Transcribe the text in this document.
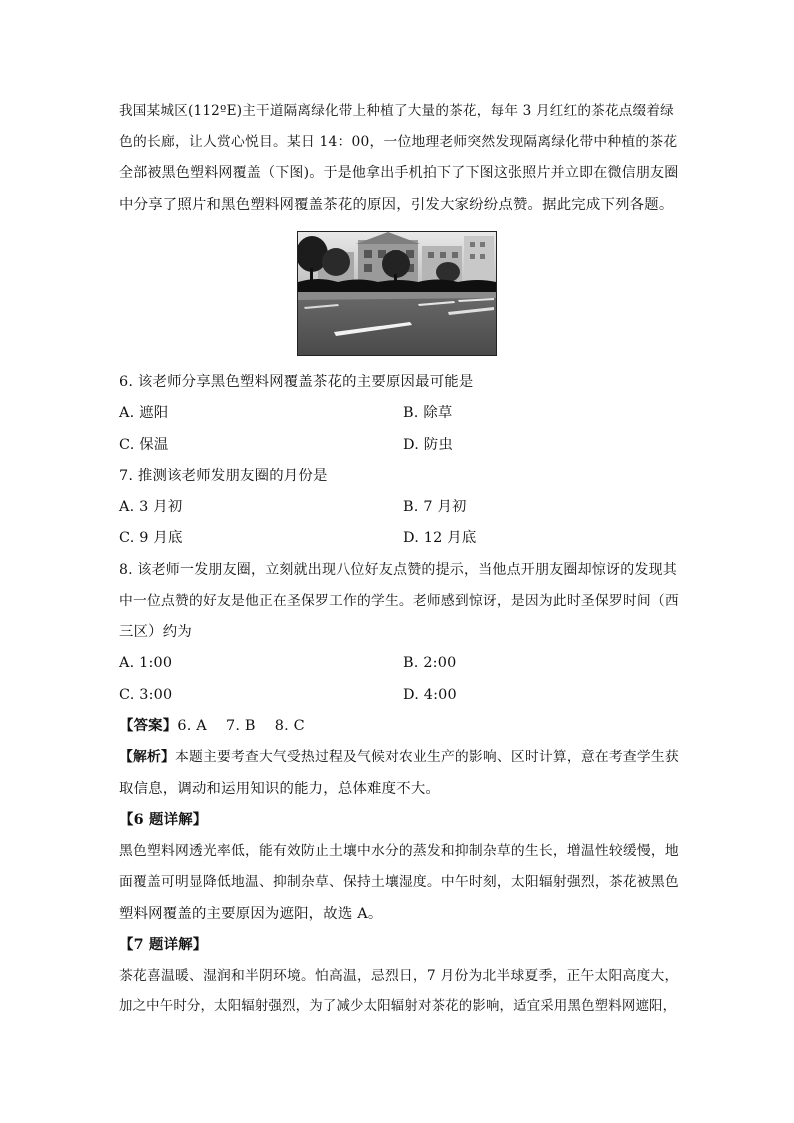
我国某城区(112ºE)主干道隔离绿化带上种植了大量的茶花，每年 3 月红红的茶花点缀着绿
色的长廊，让人赏心悦目。某日 14：00，一位地理老师突然发现隔离绿化带中种植的茶花
全部被黑色塑料网覆盖（下图)。于是他拿出手机拍下了下图这张照片并立即在微信朋友圈
中分享了照片和黑色塑料网覆盖茶花的原因，引发大家纷纷点赞。据此完成下列各题。
6. 该老师分享黑色塑料网覆盖茶花的主要原因最可能是
A. 遮阳	B. 除草
C. 保温	D. 防虫
7. 推测该老师发朋友圈的月份是
A. 3 月初	B. 7 月初
C. 9 月底	D. 12 月底
8. 该老师一发朋友圈，立刻就出现八位好友点赞的提示，当他点开朋友圈却惊讶的发现其
中一位点赞的好友是他正在圣保罗工作的学生。老师感到惊讶，是因为此时圣保罗时间（西
三区）约为
A. 1:00	B. 2:00
C. 3:00	D. 4:00
【答案】6. A    7. B    8. C
【解析】本题主要考查大气受热过程及气候对农业生产的影响、区时计算，意在考查学生获
取信息，调动和运用知识的能力，总体难度不大。
【6 题详解】
黑色塑料网透光率低，能有效防止土壤中水分的蒸发和抑制杂草的生长，增温性较缓慢，地
面覆盖可明显降低地温、抑制杂草、保持土壤湿度。中午时刻，太阳辐射强烈，茶花被黑色
塑料网覆盖的主要原因为遮阳，故选 A。
【7 题详解】
茶花喜温暖、湿润和半阴环境。怕高温，忌烈日，7 月份为北半球夏季，正午太阳高度大，
加之中午时分，太阳辐射强烈，为了减少太阳辐射对茶花的影响，适宜采用黑色塑料网遮阳，
